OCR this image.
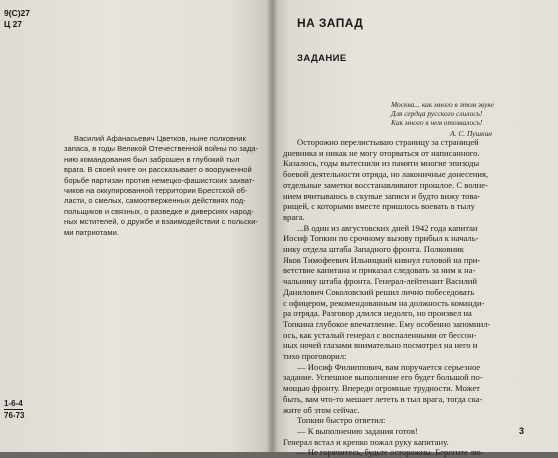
9(С)27
Ц 27
Василий Афанасьевич Цветков, ныне полковник
запаса, в годы Великой Отечественной войны по зада-
нию командования был заброшен в глубокий тыл
врага. В своей книге он рассказывает о вооруженной
борьбе партизан против немецко-фашистских захват-
чиков на оккупированной территории Брестской об-
ласти, о смелых, самоотверженных действиях под-
польщиков и связных, о разведке и диверсиях народ-
ных мстителей, о дружбе и взаимодействии с польски-
ми патриотами.
1-6-4
76-73
НА ЗАПАД
ЗАДАНИЕ
Москва... как много в этом звуке
Для сердца русского слилось!
Как много в нем отозвалось!
А. С. Пушкин
Осторожно перелистываю страницу за страницей
дневника и никак не могу оторваться от написанного.
Казалось, годы вытеснили из памяти многие эпизоды
боевой деятельности отряда, но лаконичные донесения,
отдельные заметки восстанавливают прошлое. С волне-
нием вчитываюсь в скупые записи и будто вижу това-
рищей, с которыми вместе пришлось воевать в тылу
врага.
...В один из августовских дней 1942 года капитан
Иосиф Топкин по срочному вызову прибыл к началь-
нику отдела штаба Западного фронта. Полковник
Яков Тимофеевич Ильницкий кивнул головой на при-
ветствие капитана и приказал следовать за ним к на-
чальнику штаба фронта. Генерал-лейтенант Василий
Данилович Соколовский решил лично побеседовать
с офицером, рекомендованным на должность команди-
ра отряда. Разговор длился недолго, но произвел на
Топкина глубокое впечатление. Ему особенно запомнил-
ось, как усталый генерал с воспаленными от бессон-
ных ночей глазами внимательно посмотрел на него и
тихо проговорил:
— Иосиф Филиппович, вам поручается серьезное
задание. Успешное выполнение его будет большой по-
мощью фронту. Впереди огромные трудности. Может
быть, вам что-то мешает лететь в тыл врага, тогда ска-
жите об этом сейчас.
Топкин быстро ответил:
— К выполнению задания готов!
Генерал встал и крепко пожал руку капитану.
— Не горячитесь, будьте осторожны. Берегите лю-
3
